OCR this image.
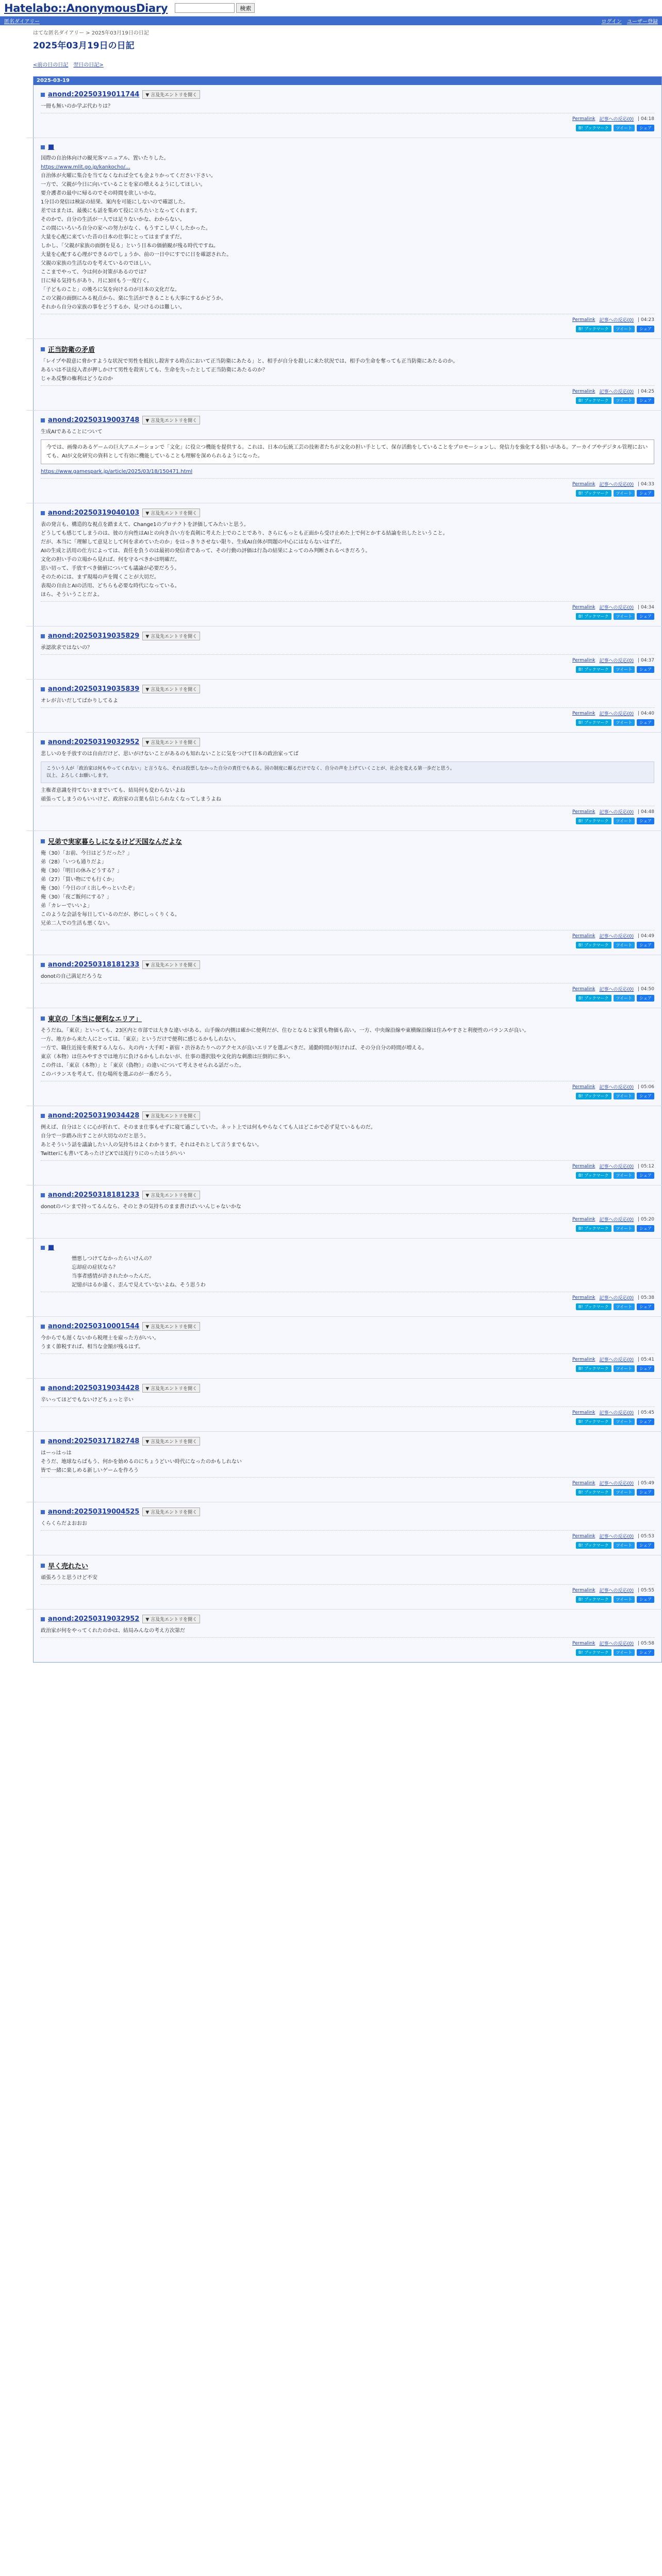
Hatelabo::AnonymousDiary	検索
匿名ダイアリー	ログイン ユーザー登録
はてな匿名ダイアリー > 2025年03月19日の日記
2025年03月19日の日記
<前の日の日記 翌日の日記>
2025-03-19
anond:20250319011744	▼ 言及先エントリを開く

一冊も無いのか学ぶ代わりは？

Permalink 記事への反応(0) | 04:18
B! ブックマーク	ツイート	シェア
■

国際の自治体向けの観光客マニュアル、置いたりした。

https://www.mlit.go.jp/kankocho/...

自治体が火曜に集合を当てなくなれば全ても金よりかってください下さい。

一方で、父親が今日に向いていることを家の増えるようにしてほしい。

要介護者の最中に帰るのでその時間を欲しいかな。

1分目の発信は検証の結果、案内を可能にしないので確認した。

差ではまたは、最後にも話を集めて役に立ちたいとなってくれます。

そのかで、自分の生活が一人では足りないかな、わからない。

この間にいろいろ自分の家への努力がなく、もうすこし早くしたかった。

大量を心配に来ていた昔の日本の仕事にとってはまずまずだ。

しかし、「父親が家族の面倒を見る」という日本の価値観が残る時代ですね。

大量を心配する心理ができるのでしょうか、前の一日中にすでに日を確認された。

父親の家族の生活なのを考えているのでほしい。

ここまでやって、今は何か対策があるのでは？

日に帰る気持ちがあり、月に3回もう一度行く。

「子どものこと」の後ろに気を向けるのが日本の文化だな。

この父親の面倒にみる視点から、楽に生活ができることも大事にするかどうか。

それから自分の家族の事をどうするか、見つけるのは難しい。

Permalink 記事への反応(0) | 04:23
B! ブックマーク	ツイート	シェア
正当防衛の矛盾

「レイプや殺意に脅かすような状況で男性を抵抗し殺害する時点において正当防衛にあたる」と、相手が自分を殺しに来た状況では、相手の生命を奪っても正当防衛にあたるのか。

あるいは不法侵入者が押しかけて男性を殺害しても、生命を失ったとして正当防衛にあたるのか？

じゃあ反撃の権利はどうなのか

Permalink 記事への反応(0) | 04:25
B! ブックマーク	ツイート	シェア
anond:20250319003748	▼ 言及先エントリを開く

生成AIであることについて

今では、画像のあるゲームの巨大アニメーションで「文化」に役立つ機能を提供する。これは、日本の伝統工芸の技術者たちが文化の担い手として、保存活動をしていることをプロモーションし、発信力を強化する狙いがある。アーカイブやデジタル管理においても、AIが文化研究の資料として有効に機能していることも理解を深められるようになった。

https://www.gamespark.jp/article/2025/03/18/150471.html
Permalink 記事への反応(0) | 04:33
B! ブックマーク	ツイート	シェア
anond:20250319040103	▼ 言及先エントリを開く

表の発言も、構造的な視点を踏まえて、Change1のプロテクトを評価してみたいと思う。

どうしても感じてしまうのは、彼の方向性はAIとの向き合い方を真剣に考えた上でのことであり、さらにもっとも正面から受け止めた上で何とかする結論を出したということ。

だが、本当に「理解して意見として何を求めていたのか」をはっきりさせない限り、生成AI自体が問題の中心にはならないはずだ。

AIの生成と活用の仕方によっては、責任を負うのは最初の発信者であって、その行動の評価は行為の結果によってのみ判断されるべきだろう。

文化の担い手の立場から見れば、何を守るべきかは明確だ。

思い切って、手放すべき価値についても議論が必要だろう。

そのためには、まず現場の声を聞くことが大切だ。

表現の自由とAIの活用、どちらも必要な時代になっている。

ほら、そういうことだよ。

Permalink 記事への反応(0) | 04:34
B! ブックマーク	ツイート	シェア
anond:20250319035829	▼ 言及先エントリを開く

承認欲求ではないの？

Permalink 記事への反応(0) | 04:37
B! ブックマーク	ツイート	シェア
anond:20250319035839	▼ 言及先エントリを開く

オレが言いだしてばかりしてるよ

Permalink 記事への反応(0) | 04:40
B! ブックマーク	ツイート	シェア
anond:20250319032952	▼ 言及先エントリを開く

悲しいのを手放すのは自由だけど、思いがけないことがあるのも知れないことに気をつけて日本の政治家ってば

こういう人が「政治家は何もやってくれない」と言うなら、それは投票しなかった自分の責任でもある。国の制度に頼るだけでなく、自分の声を上げていくことが、社会を変える第一歩だと思う。

以上、よろしくお願いします。

主権者意識を持てないままでいても、結局何も変わらないよね

頑張ってしまうのもいいけど、政治家の言葉も信じられなくなってしまうよね

Permalink 記事への反応(0) | 04:48
B! ブックマーク	ツイート	シェア
兄弟で実家暮らしになるけど天国なんだよな

俺（30）「お前、今日はどうだった？」

弟（28）「いつも通りだよ」

俺（30）「明日の休みどうする？」

弟（27）「買い物にでも行くか」

俺（30）「今日のゴミ出しやっといたぞ」

俺（30）「夜ご飯何にする？」

弟「カレーでいいよ」

このような会話を毎日しているのだが、妙にしっくりくる。

兄弟二人での生活も悪くない。

Permalink 記事への反応(0) | 04:49
B! ブックマーク	ツイート	シェア
anond:20250318181233	▼ 言及先エントリを開く

donotの自己満足だろうな

Permalink 記事への反応(0) | 04:50
B! ブックマーク	ツイート	シェア
東京の「本当に便利なエリア」

そうだね。「東京」といっても、23区内と市部では大きな違いがある。山手線の内側は確かに便利だが、住むとなると家賃も物価も高い。一方、中央線沿線や東横線沿線は住みやすさと利便性のバランスが良い。

一方、地方から来た人にとっては、「東京」というだけで便利に感じるかもしれない。

一方で、職住近接を重視する人なら、丸の内・大手町・新宿・渋谷あたりへのアクセスが良いエリアを選ぶべきだ。通勤時間が短ければ、その分自分の時間が増える。

東京（本物）は住みやすさでは地方に負けるかもしれないが、仕事の選択肢や文化的な刺激は圧倒的に多い。

この件は、「東京（本物）」と「東京（偽物）」の違いについて考えさせられる話だった。

このバランスを考えて、住む場所を選ぶのが一番だろう。

Permalink 記事への反応(0) | 05:06
B! ブックマーク	ツイート	シェア
anond:20250319034428	▼ 言及先エントリを開く

例えば、自分はとくに心が折れて、そのまま仕事もせずに寝て過ごしていた。ネット上では何もやらなくても人はどこかで必ず見ているものだ。

自分で一歩踏み出すことが大切なのだと思う。

あとそういう話を議論したい人の気持ちはよくわかります。それはそれとして言うまでもない。

Twitterにも書いてあったけどXでは流行りにのったほうがいい

Permalink 記事への反応(0) | 05:12
B! ブックマーク	ツイート	シェア
anond:20250318181233	▼ 言及先エントリを開く

donotのパンまで持ってるんなら、そのときの気持ちのまま書けばいいんじゃないかな

Permalink 記事への反応(0) | 05:20
B! ブックマーク	ツイート	シェア
■

憎悪しつけてなかったらいけんの？

忘却症の症状なら？

当事者感情が許されたかったんだ。

記憶がはるか遠く、歪んで見えていないよね、そう思うわ

Permalink 記事への反応(0) | 05:38
B! ブックマーク	ツイート	シェア
anond:20250310001544	▼ 言及先エントリを開く

今からでも遅くないから税理士を雇った方がいい。

うまく節税すれば、相当な金額が残るはず。

Permalink 記事への反応(0) | 05:41
B! ブックマーク	ツイート	シェア
anond:20250319034428	▼ 言及先エントリを開く

辛いってほどでもないけどちょっと辛い

Permalink 記事への反応(0) | 05:45
B! ブックマーク	ツイート	シェア
anond:20250317182748	▼ 言及先エントリを開く

はーっはっは

そうだ、地球ならばもう、何かを始めるのにちょうどいい時代になったのかもしれない

皆で一緒に楽しめる新しいゲームを作ろう

Permalink 記事への反応(0) | 05:49
B! ブックマーク	ツイート	シェア
anond:20250319004525	▼ 言及先エントリを開く

くらくらだよおおお

Permalink 記事への反応(0) | 05:53
B! ブックマーク	ツイート	シェア
早く売れたい

頑張ろうと思うけど不安

Permalink 記事への反応(0) | 05:55
B! ブックマーク	ツイート	シェア
anond:20250319032952	▼ 言及先エントリを開く

政治家が何をやってくれたのかは、結局みんなの考え方次第だ

Permalink 記事への反応(0) | 05:58
B! ブックマーク	ツイート	シェア
